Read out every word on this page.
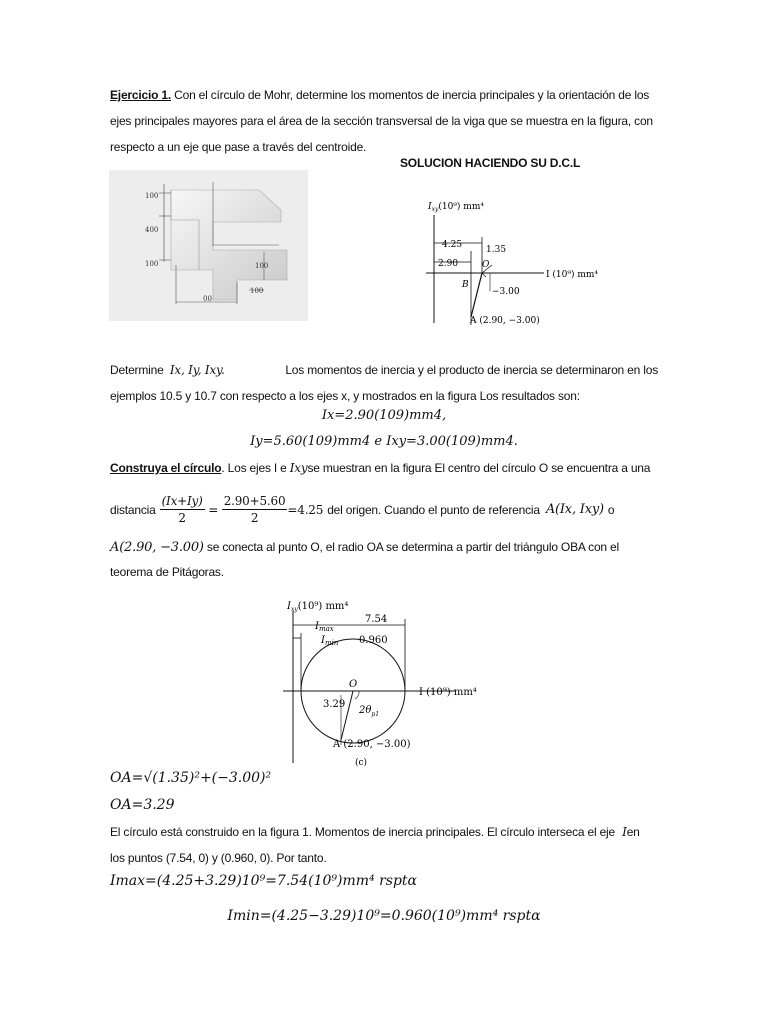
Ejercicio 1. Con el círculo de Mohr, determine los momentos de inercia principales y la orientación de los
ejes principales mayores para el área de la sección transversal de la viga que se muestra en la figura, con
respecto a un eje que pase a través del centroide.
SOLUCION HACIENDO SU D.C.L
100
400
100	100
00
100
$I_{xy}(10^9)$ mm⁴
I (10⁹) mm⁴
4.25
2.90
1.35
O
B
−3.00
A (2.90, −3.00)
Determine Ix, Iy, Ixy.	Los momentos de inercia y el producto de inercia se determinaron en los
ejemplos 10.5 y 10.7 con respecto a los ejes x, y mostrados en la figura Los resultados son:
Ix=2.90(109)mm4,
Iy=5.60(109)mm4 e Ixy=3.00(109)mm4.
Construya el círculo. Los ejes I e Ixyse muestran en la figura El centro del círculo O se encuentra a una
distancia $\frac{(Ix+Iy)}{2} = \frac{2.90+5.60}{2} =4.25$ del origen. Cuando el punto de referencia A(Ix, Ixy) o
A(2.90, −3.00) se conecta al punto O, el radio OA se determina a partir del triángulo OBA con el
teorema de Pitágoras.
$I_{xy}(10^9)$ mm⁴
I (10⁹) mm⁴
$I_{max}$
7.54
$I_{min}$ 0.960
O
3.29
$2\theta_{p1}$
A (2.90, −3.00)
(c)
OA=√(1.35)²+(−3.00)²
OA=3.29
El círculo está construido en la figura 1. Momentos de inercia principales. El círculo interseca el eje Ien
los puntos (7.54, 0) y (0.960, 0). Por tanto.
Imax=(4.25+3.29)10⁹=7.54(10⁹)mm⁴ rsptα
Imin=(4.25−3.29)10⁹=0.960(10⁹)mm⁴ rsptα
